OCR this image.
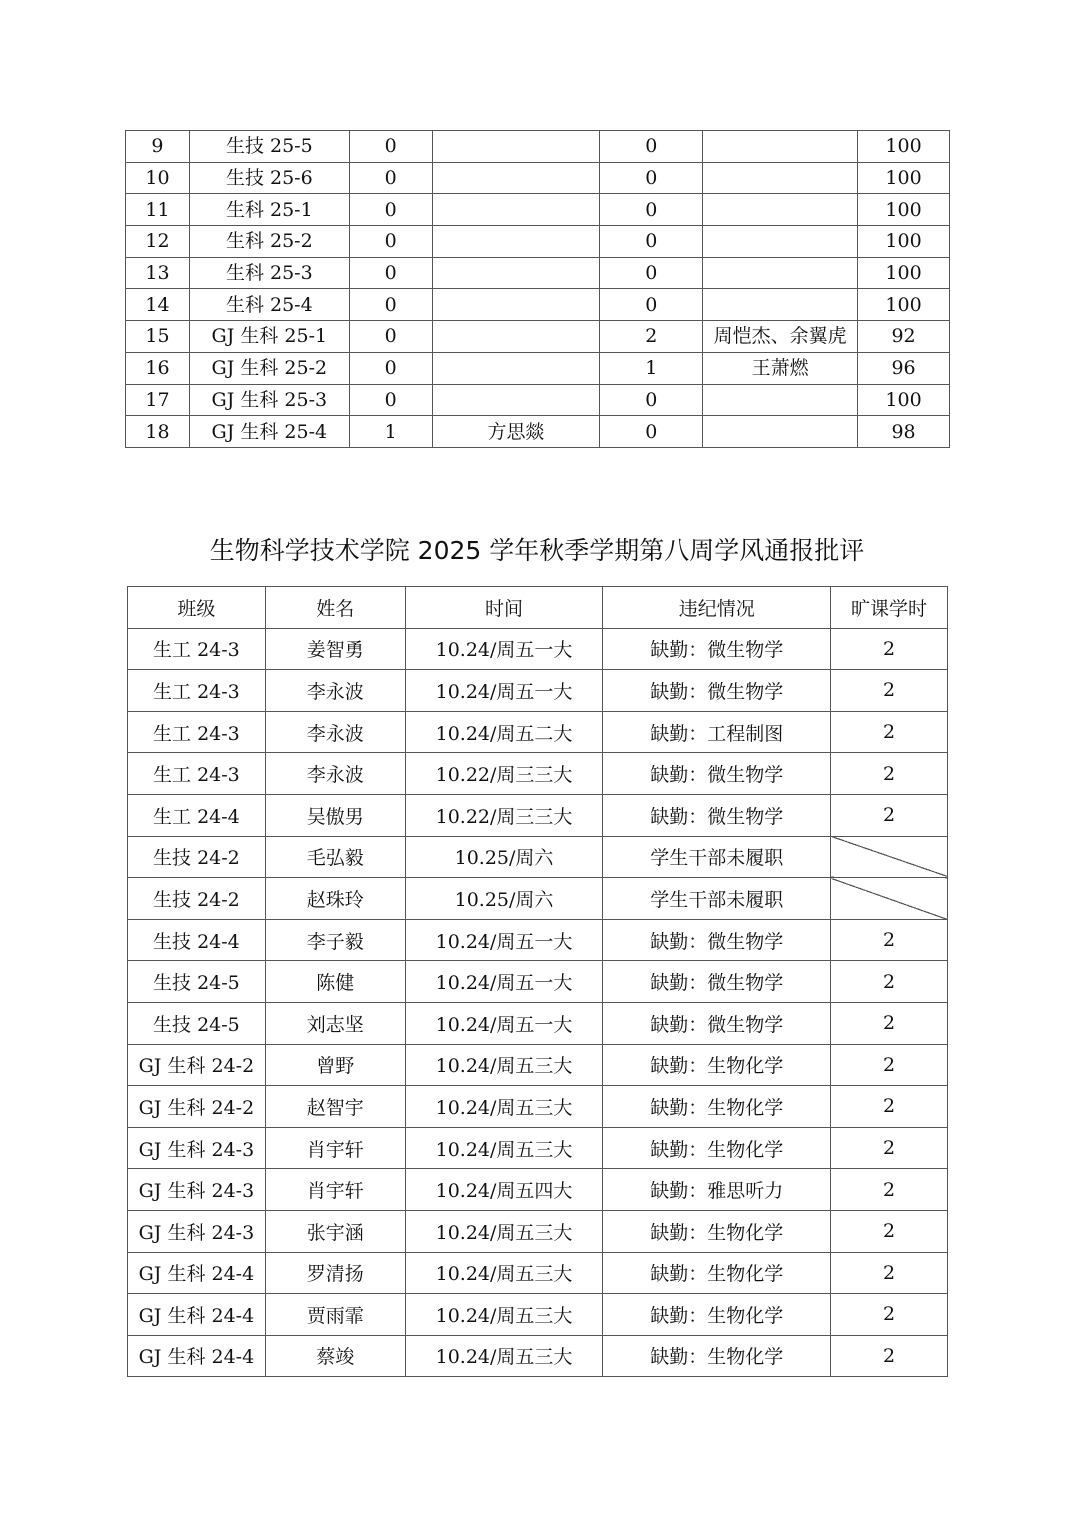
9	生技 25-5	0		0		100
10	生技 25-6	0		0		100
11	生科 25-1	0		0		100
12	生科 25-2	0		0		100
13	生科 25-3	0		0		100
14	生科 25-4	0		0		100
15	GJ 生科 25-1	0		2	周恺杰、余翼虎	92
16	GJ 生科 25-2	0		1	王萧燃	96
17	GJ 生科 25-3	0		0		100
18	GJ 生科 25-4	1	方思燚	0		98
生物科学技术学院 2025 学年秋季学期第八周学风通报批评
班级	姓名	时间	违纪情况	旷课学时
生工 24-3	姜智勇	10.24/周五一大	缺勤：微生物学	2
生工 24-3	李永波	10.24/周五一大	缺勤：微生物学	2
生工 24-3	李永波	10.24/周五二大	缺勤：工程制图	2
生工 24-3	李永波	10.22/周三三大	缺勤：微生物学	2
生工 24-4	吴傲男	10.22/周三三大	缺勤：微生物学	2
生技 24-2	毛弘毅	10.25/周六	学生干部未履职	
生技 24-2	赵珠玲	10.25/周六	学生干部未履职	
生技 24-4	李子毅	10.24/周五一大	缺勤：微生物学	2
生技 24-5	陈健	10.24/周五一大	缺勤：微生物学	2
生技 24-5	刘志坚	10.24/周五一大	缺勤：微生物学	2
GJ 生科 24-2	曾野	10.24/周五三大	缺勤：生物化学	2
GJ 生科 24-2	赵智宇	10.24/周五三大	缺勤：生物化学	2
GJ 生科 24-3	肖宇轩	10.24/周五三大	缺勤：生物化学	2
GJ 生科 24-3	肖宇轩	10.24/周五四大	缺勤：雅思听力	2
GJ 生科 24-3	张宇涵	10.24/周五三大	缺勤：生物化学	2
GJ 生科 24-4	罗清扬	10.24/周五三大	缺勤：生物化学	2
GJ 生科 24-4	贾雨霏	10.24/周五三大	缺勤：生物化学	2
GJ 生科 24-4	蔡竣	10.24/周五三大	缺勤：生物化学	2
